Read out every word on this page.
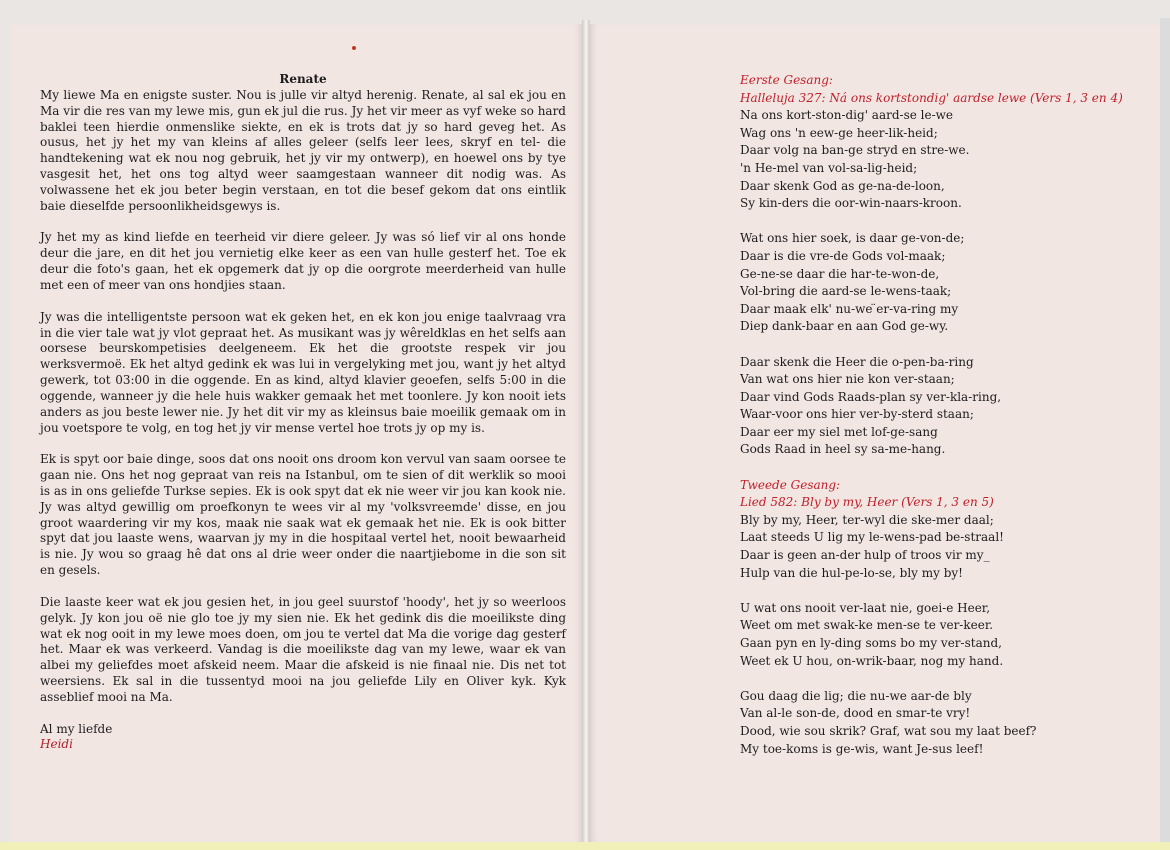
Renate

My liewe Ma en enigste suster. Nou is julle vir altyd herenig. Renate, al sal ek jou en Ma vir die res van my lewe mis, gun ek jul die rus. Jy het vir meer as vyf weke so hard baklei teen hierdie onmenslike siekte, en ek is trots dat jy so hard geveg het. As ousus, het jy het my van kleins af alles geleer (selfs leer lees, skryf en tel- die handtekening wat ek nou nog gebruik, het jy vir my ontwerp), en hoewel ons by tye vasgesit het, het ons tog altyd weer saamgestaan wanneer dit nodig was. As volwassene het ek jou beter begin verstaan, en tot die besef gekom dat ons eintlik baie dieselfde persoonlikheidsgewys is.

Jy het my as kind liefde en teerheid vir diere geleer. Jy was só lief vir al ons honde deur die jare, en dit het jou vernietig elke keer as een van hulle gesterf het. Toe ek deur die foto's gaan, het ek opgemerk dat jy op die oorgrote meerderheid van hulle met een of meer van ons hondjies staan.

Jy was die intelligentste persoon wat ek geken het, en ek kon jou enige taalvraag vra in die vier tale wat jy vlot gepraat het. As musikant was jy wêreldklas en het selfs aan oorsese beurskompetisies deelgeneem. Ek het die grootste respek vir jou werksvermoë. Ek het altyd gedink ek was lui in vergelyking met jou, want jy het altyd gewerk, tot 03:00 in die oggende. En as kind, altyd klavier geoefen, selfs 5:00 in die oggende, wanneer jy die hele huis wakker gemaak het met toonlere. Jy kon nooit iets anders as jou beste lewer nie. Jy het dit vir my as kleinsus baie moeilik gemaak om in jou voetspore te volg, en tog het jy vir mense vertel hoe trots jy op my is.

Ek is spyt oor baie dinge, soos dat ons nooit ons droom kon vervul van saam oorsee te gaan nie. Ons het nog gepraat van reis na Istanbul, om te sien of dit werklik so mooi is as in ons geliefde Turkse sepies. Ek is ook spyt dat ek nie weer vir jou kan kook nie. Jy was altyd gewillig om proefkonyn te wees vir al my 'volksvreemde' disse, en jou groot waardering vir my kos, maak nie saak wat ek gemaak het nie. Ek is ook bitter spyt dat jou laaste wens, waarvan jy my in die hospitaal vertel het, nooit bewaarheid is nie. Jy wou so graag hê dat ons al drie weer onder die naartjiebome in die son sit en gesels.

Die laaste keer wat ek jou gesien het, in jou geel suurstof 'hoody', het jy so weerloos gelyk. Jy kon jou oë nie glo toe jy my sien nie. Ek het gedink dis die moeilikste ding wat ek nog ooit in my lewe moes doen, om jou te vertel dat Ma die vorige dag gesterf het. Maar ek was verkeerd. Vandag is die moeilikste dag van my lewe, waar ek van albei my geliefdes moet afskeid neem. Maar die afskeid is nie finaal nie. Dis net tot weersiens. Ek sal in die tussentyd mooi na jou geliefde Lily en Oliver kyk. Kyk asseblief mooi na Ma.

Al my liefde

Heidi

Eerste Gesang:

Halleluja 327: Ná ons kortstondig' aardse lewe (Vers 1, 3 en 4)

Na ons kort-ston-dig' aard-se le-we

Wag ons 'n eew-ge heer-lik-heid;

Daar volg na ban-ge stryd en stre-we.

'n He-mel van vol-sa-lig-heid;

Daar skenk God as ge-na-de-loon,

Sy kin-ders die oor-win-naars-kroon.

Wat ons hier soek, is daar ge-von-de;

Daar is die vre-de Gods vol-maak;

Ge-ne-se daar die har-te-won-de,

Vol-bring die aard-se le-wens-taak;

Daar maak elk' nu-we ̈er-va-ring my

Diep dank-baar en aan God ge-wy.

Daar skenk die Heer die o-pen-ba-ring

Van wat ons hier nie kon ver-staan;

Daar vind Gods Raads-plan sy ver-kla-ring,

Waar-voor ons hier ver-by-sterd staan;

Daar eer my siel met lof-ge-sang

Gods Raad in heel sy sa-me-hang.

Tweede Gesang:

Lied 582: Bly by my, Heer (Vers 1, 3 en 5)

Bly by my, Heer, ter-wyl die ske-mer daal;

Laat steeds U lig my le-wens-pad be-straal!

Daar is geen an-der hulp of troos vir my_

Hulp van die hul-pe-lo-se, bly my by!

U wat ons nooit ver-laat nie, goei-e Heer,

Weet om met swak-ke men-se te ver-keer.

Gaan pyn en ly-ding soms bo my ver-stand,

Weet ek U hou, on-wrik-baar, nog my hand.

Gou daag die lig; die nu-we aar-de bly

Van al-le son-de, dood en smar-te vry!

Dood, wie sou skrik? Graf, wat sou my laat beef?

My toe-koms is ge-wis, want Je-sus leef!
